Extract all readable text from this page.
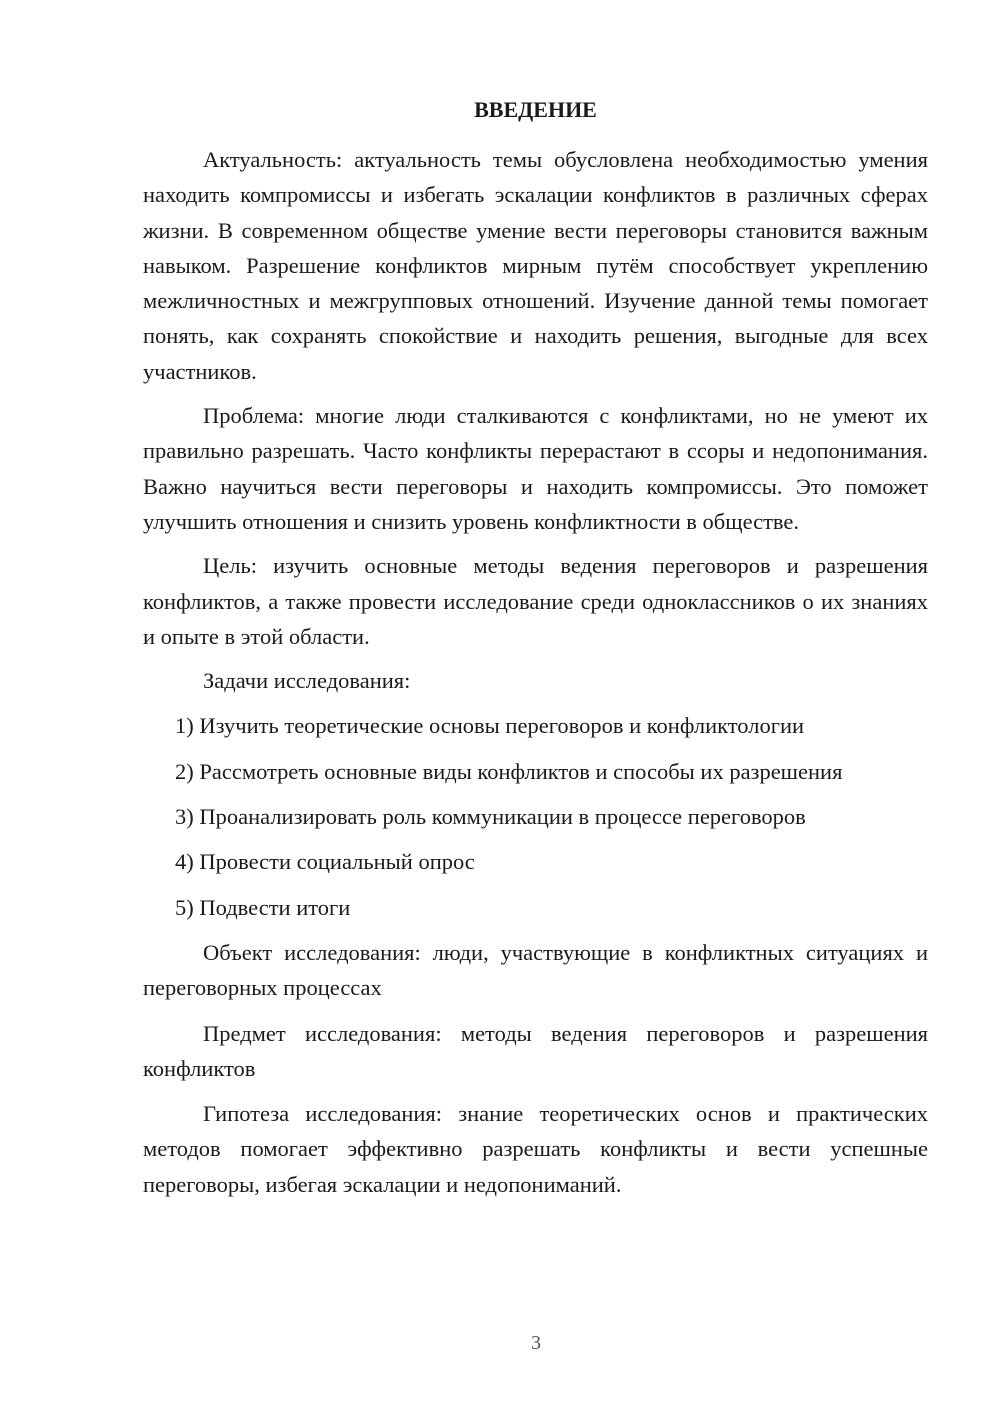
ВВЕДЕНИЕ

Актуальность: актуальность темы обусловлена необходимостью умения находить компромиссы и избегать эскалации конфликтов в различных сферах жизни. В современном обществе умение вести переговоры становится важным навыком. Разрешение конфликтов мирным путём способствует укреплению межличностных и межгрупповых отношений. Изучение данной темы помогает понять, как сохранять спокойствие и находить решения, выгодные для всех участников.

Проблема: многие люди сталкиваются с конфликтами, но не умеют их правильно разрешать. Часто конфликты перерастают в ссоры и недопонимания. Важно научиться вести переговоры и находить компромиссы. Это поможет улучшить отношения и снизить уровень конфликтности в обществе.

Цель: изучить основные методы ведения переговоров и разрешения конфликтов, а также провести исследование среди одноклассников о их знаниях и опыте в этой области.

Задачи исследования:
1) Изучить теоретические основы переговоров и конфликтологии
2) Рассмотреть основные виды конфликтов и способы их разрешения
3) Проанализировать роль коммуникации в процессе переговоров
4) Провести социальный опрос
5) Подвести итоги

Объект исследования: люди, участвующие в конфликтных ситуациях и переговорных процессах

Предмет исследования: методы ведения переговоров и разрешения конфликтов

Гипотеза исследования: знание теоретических основ и практических методов помогает эффективно разрешать конфликты и вести успешные переговоры, избегая эскалации и недопониманий.

3
